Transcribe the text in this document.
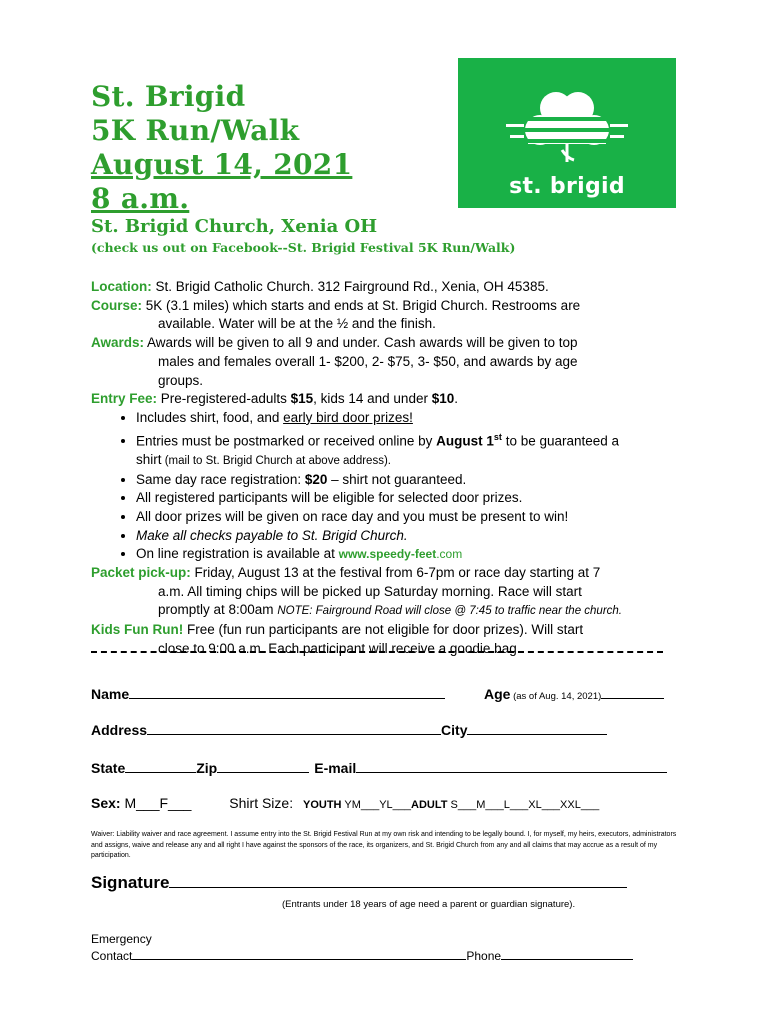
St. Brigid
5K Run/Walk
August 14, 2021
8 a.m.	st. brigid
St. Brigid Church, Xenia OH
(check us out on Facebook--St. Brigid Festival 5K Run/Walk)

Location: St. Brigid Catholic Church. 312 Fairground Rd., Xenia, OH 45385.

Course: 5K (3.1 miles) which starts and ends at St. Brigid Church. Restrooms are

available. Water will be at the ½ and the finish.

Awards: Awards will be given to all 9 and under. Cash awards will be given to top

males and females overall 1- $200, 2- $75, 3- $50, and awards by age

groups.

Entry Fee: Pre-registered-adults $15, kids 14 and under $10.

• Includes shirt, food, and early bird door prizes!
• Entries must be postmarked or received online by August 1st to be guaranteed a
shirt (mail to St. Brigid Church at above address).
• Same day race registration: $20 – shirt not guaranteed.
• All registered participants will be eligible for selected door prizes.
• All door prizes will be given on race day and you must be present to win!
• Make all checks payable to St. Brigid Church.
• On line registration is available at www.speedy-feet.com

Packet pick-up: Friday, August 13 at the festival from 6-7pm or race day starting at 7

a.m. All timing chips will be picked up Saturday morning. Race will start

promptly at 8:00am NOTE: Fairground Road will close @ 7:45 to traffic near the church.

Kids Fun Run! Free (fun run participants are not eligible for door prizes). Will start

close to 9:00 a.m. Each participant will receive a goodie bag.

Name	Age (as of Aug. 14, 2021)
Address	City
State	Zip	E-mail
Sex: M___F___	Shirt Size: YOUTH YM___YL___ADULT S___M___L___XL___XXL___
Waiver: Liability waiver and race agreement. I assume entry into the St. Brigid Festival Run at my own risk and intending to be legally bound. I, for myself, my heirs, executors, administrators and assigns, waive and release any and all right I have against the sponsors of the race, its organizers, and St. Brigid Church from any and all claims that may accrue as a result of my participation.
Signature
(Entrants under 18 years of age need a parent or guardian signature).
Emergency
Contact	Phone
